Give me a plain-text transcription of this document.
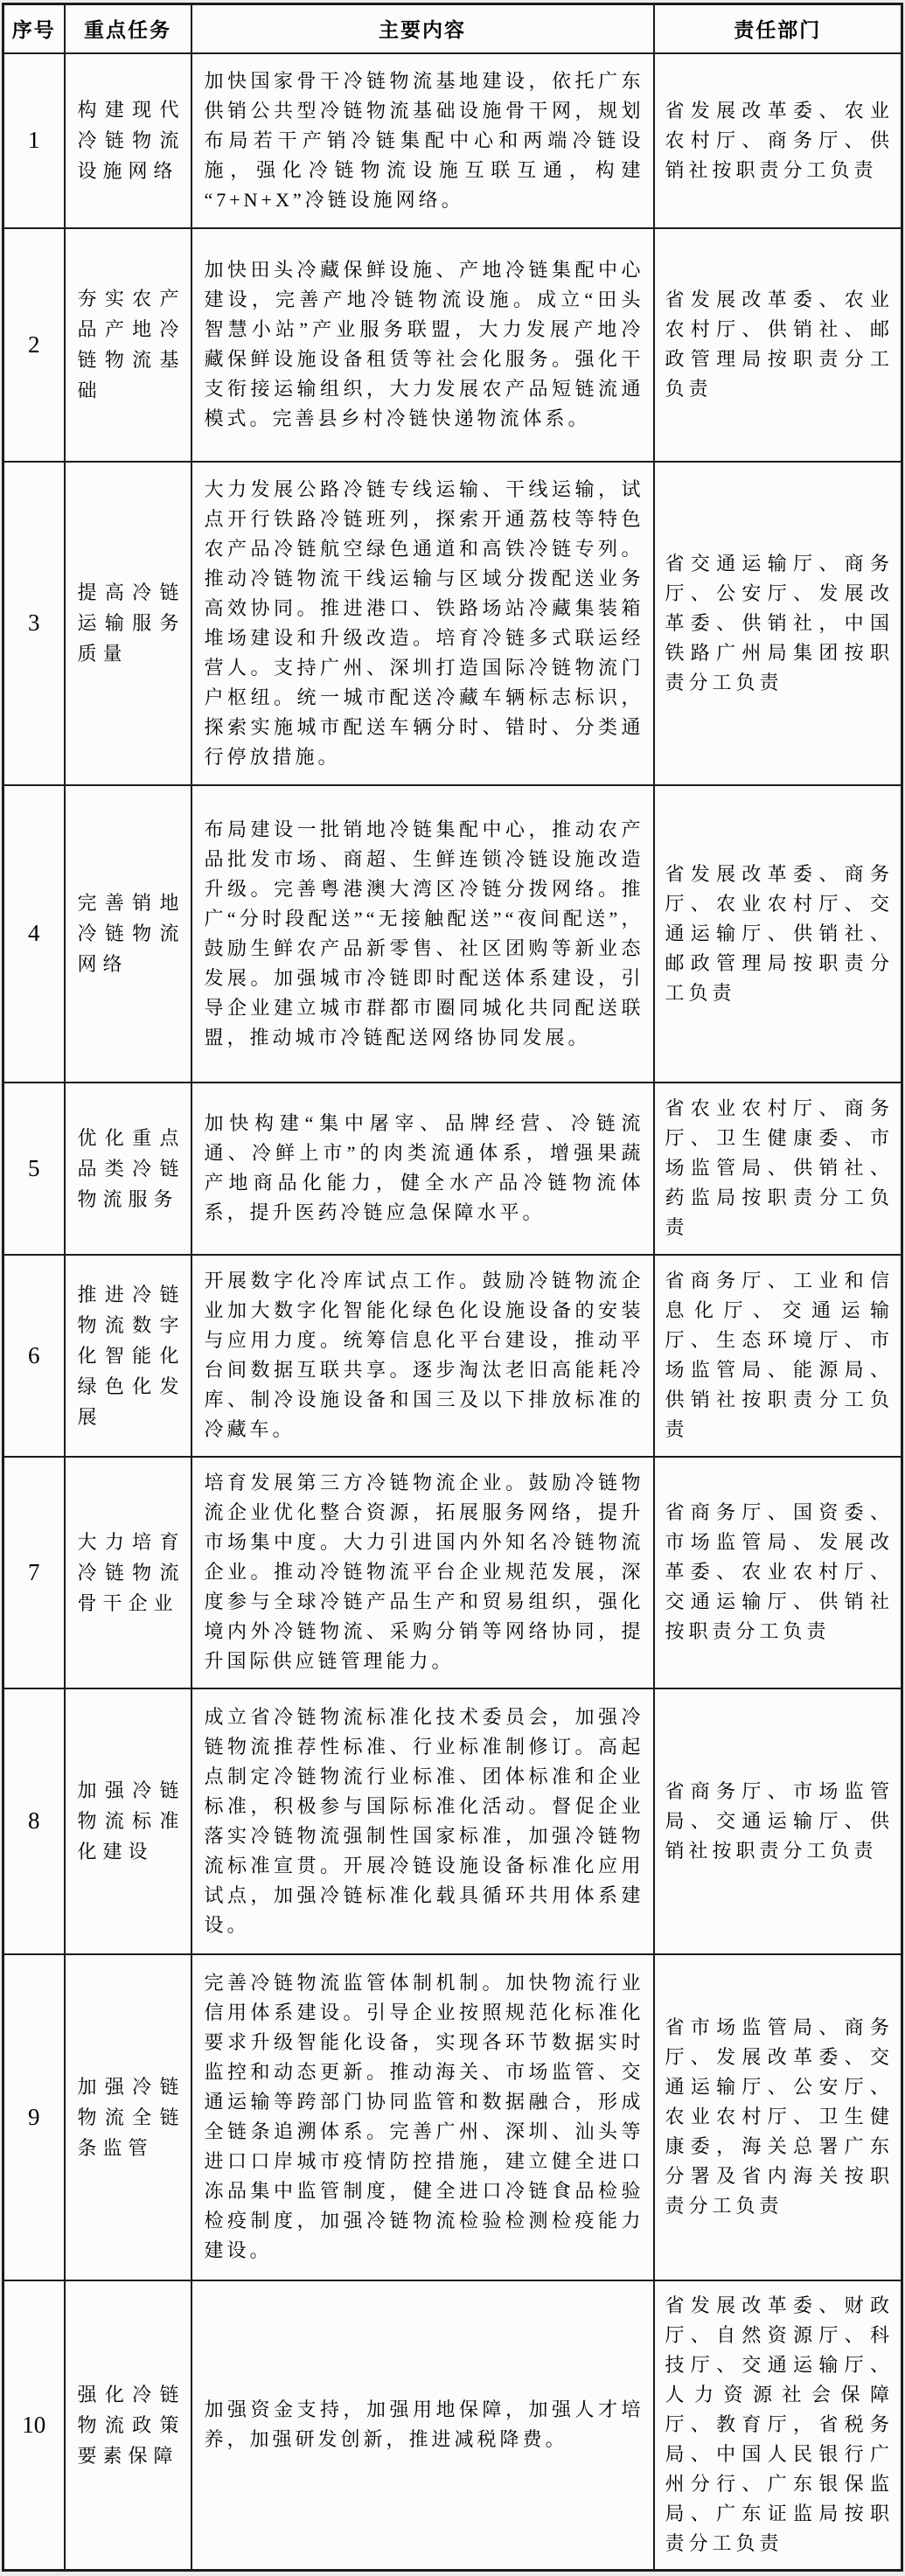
序号	重点任务	主要内容	责任部门
1	构建现代冷链物流设施网络	加快国家骨干冷链物流基地建设，依托广东供销公共型冷链物流基础设施骨干网，规划布局若干产销冷链集配中心和两端冷链设施，强化冷链物流设施互联互通，构建“7+N+X”冷链设施网络。	省发展改革委、农业农村厅、商务厅、供销社按职责分工负责
2	夯实农产品产地冷链物流基础	加快田头冷藏保鲜设施、产地冷链集配中心建设，完善产地冷链物流设施。成立“田头智慧小站”产业服务联盟，大力发展产地冷藏保鲜设施设备租赁等社会化服务。强化干支衔接运输组织，大力发展农产品短链流通模式。完善县乡村冷链快递物流体系。	省发展改革委、农业农村厅、供销社、邮政管理局按职责分工负责
3	提高冷链运输服务质量	大力发展公路冷链专线运输、干线运输，试点开行铁路冷链班列，探索开通荔枝等特色农产品冷链航空绿色通道和高铁冷链专列。推动冷链物流干线运输与区域分拨配送业务高效协同。推进港口、铁路场站冷藏集装箱堆场建设和升级改造。培育冷链多式联运经营人。支持广州、深圳打造国际冷链物流门户枢纽。统一城市配送冷藏车辆标志标识，探索实施城市配送车辆分时、错时、分类通行停放措施。	省交通运输厅、商务厅、公安厅、发展改革委、供销社，中国铁路广州局集团按职责分工负责
4	完善销地冷链物流网络	布局建设一批销地冷链集配中心，推动农产品批发市场、商超、生鲜连锁冷链设施改造升级。完善粤港澳大湾区冷链分拨网络。推广“分时段配送”“无接触配送”“夜间配送”，鼓励生鲜农产品新零售、社区团购等新业态发展。加强城市冷链即时配送体系建设，引导企业建立城市群都市圈同城化共同配送联盟，推动城市冷链配送网络协同发展。	省发展改革委、商务厅、农业农村厅、交通运输厅、供销社、邮政管理局按职责分工负责
5	优化重点品类冷链物流服务	加快构建“集中屠宰、品牌经营、冷链流通、冷鲜上市”的肉类流通体系，增强果蔬产地商品化能力，健全水产品冷链物流体系，提升医药冷链应急保障水平。	省农业农村厅、商务厅、卫生健康委、市场监管局、供销社、药监局按职责分工负责
6	推进冷链物流数字化智能化绿色化发展	开展数字化冷库试点工作。鼓励冷链物流企业加大数字化智能化绿色化设施设备的安装与应用力度。统筹信息化平台建设，推动平台间数据互联共享。逐步淘汰老旧高能耗冷库、制冷设施设备和国三及以下排放标准的冷藏车。	省商务厅、工业和信息化厅、交通运输厅、生态环境厅、市场监管局、能源局、供销社按职责分工负责
7	大力培育冷链物流骨干企业	培育发展第三方冷链物流企业。鼓励冷链物流企业优化整合资源，拓展服务网络，提升市场集中度。大力引进国内外知名冷链物流企业。推动冷链物流平台企业规范发展，深度参与全球冷链产品生产和贸易组织，强化境内外冷链物流、采购分销等网络协同，提升国际供应链管理能力。	省商务厅、国资委、市场监管局、发展改革委、农业农村厅、交通运输厅、供销社按职责分工负责
8	加强冷链物流标准化建设	成立省冷链物流标准化技术委员会，加强冷链物流推荐性标准、行业标准制修订。高起点制定冷链物流行业标准、团体标准和企业标准，积极参与国际标准化活动。督促企业落实冷链物流强制性国家标准，加强冷链物流标准宣贯。开展冷链设施设备标准化应用试点，加强冷链标准化载具循环共用体系建设。	省商务厅、市场监管局、交通运输厅、供销社按职责分工负责
9	加强冷链物流全链条监管	完善冷链物流监管体制机制。加快物流行业信用体系建设。引导企业按照规范化标准化要求升级智能化设备，实现各环节数据实时监控和动态更新。推动海关、市场监管、交通运输等跨部门协同监管和数据融合，形成全链条追溯体系。完善广州、深圳、汕头等进口口岸城市疫情防控措施，建立健全进口冻品集中监管制度，健全进口冷链食品检验检疫制度，加强冷链物流检验检测检疫能力建设。	省市场监管局、商务厅、发展改革委、交通运输厅、公安厅、农业农村厅、卫生健康委，海关总署广东分署及省内海关按职责分工负责
10	强化冷链物流政策要素保障	加强资金支持，加强用地保障，加强人才培养，加强研发创新，推进减税降费。	省发展改革委、财政厅、自然资源厅、科技厅、交通运输厅、人力资源社会保障厅、教育厅，省税务局、中国人民银行广州分行、广东银保监局、广东证监局按职责分工负责
